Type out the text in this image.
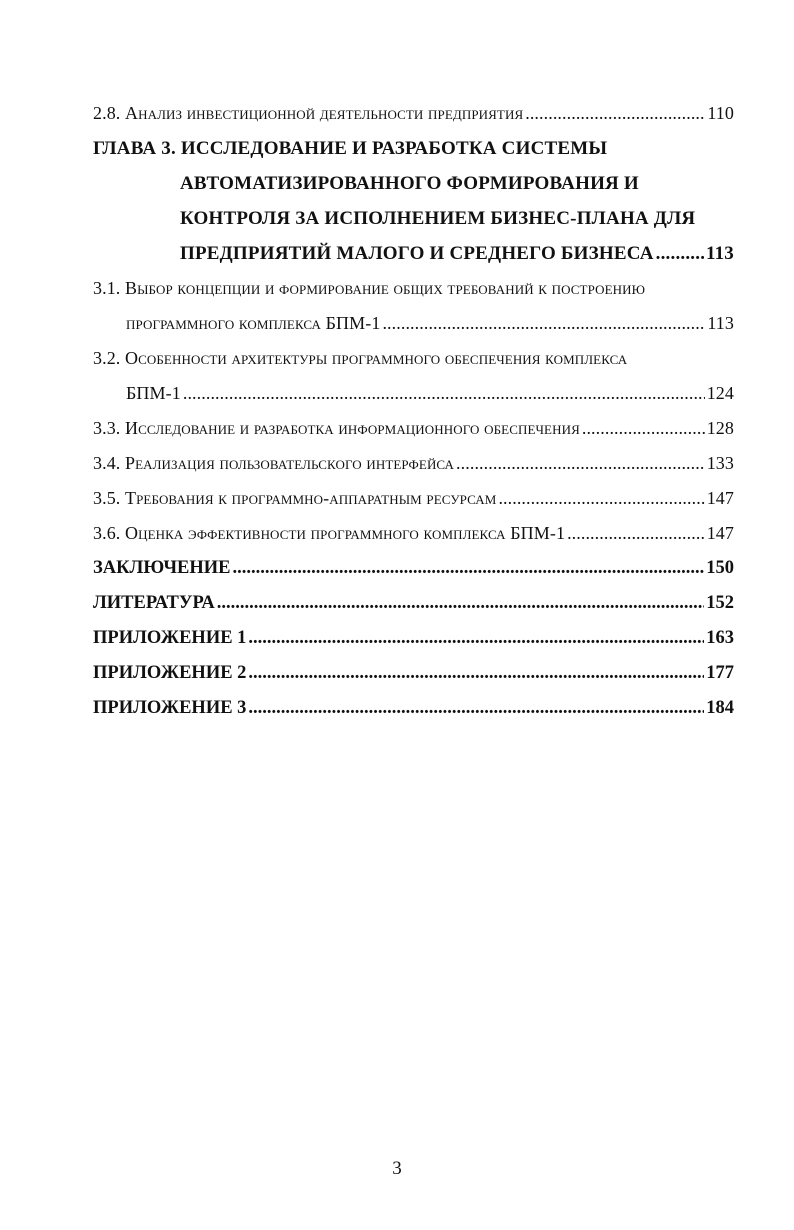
2.8. Анализ инвестиционной деятельности предприятия .....	110
ГЛАВА 3. ИССЛЕДОВАНИЕ И РАЗРАБОТКА СИСТЕМЫ
АВТОМАТИЗИРОВАННОГО ФОРМИРОВАНИЯ И
КОНТРОЛЯ ЗА ИСПОЛНЕНИЕМ БИЗНЕС-ПЛАНА ДЛЯ
ПРЕДПРИЯТИЙ МАЛОГО И СРЕДНЕГО БИЗНЕСА .....	113
3.1. Выбор концепции и формирование общих требований к построению
программного комплекса БПМ-1 .....	113
3.2. Особенности архитектуры программного обеспечения комплекса
БПМ-1 .....	124
3.3. Исследование и разработка информационного обеспечения .....	128
3.4. Реализация пользовательского интерфейса .....	133
3.5. Требования к программно-аппаратным ресурсам .....	147
3.6. Оценка эффективности программного комплекса БПМ-1 .....	147
ЗАКЛЮЧЕНИЕ .....	150
ЛИТЕРАТУРА .....	152
ПРИЛОЖЕНИЕ 1 .....	163
ПРИЛОЖЕНИЕ 2 .....	177
ПРИЛОЖЕНИЕ 3 .....	184
3
